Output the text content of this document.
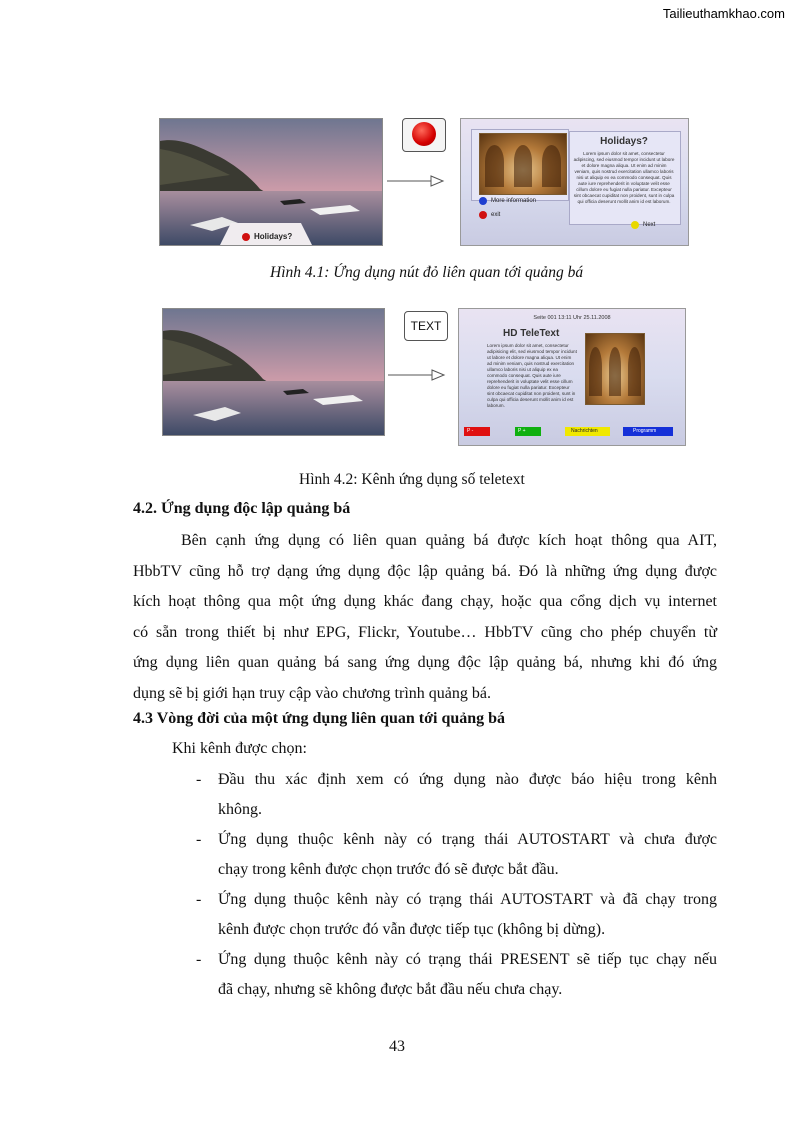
Tailieuthamkhao.com
Holidays?
Holidays?
Lorem ipsum dolor sit amet, consectetur adipiscing, sed eiusmod tempor incidunt ut labore et dolore magna aliqua. Ut enim ad minim veniam, quis nostrud exercitation ullamco laboris nisi ut aliquip ex ea commodo consequat. Quis aute iure reprehenderit in voluptate velit esse cillum dolore eu fugiat nulla pariatur. Excepteur sint obcaecat cupiditat non proident, sunt in culpa qui officia deserunt mollit anim id est laborum.
More information
exit
Next
Hình 4.1: Ứng dụng nút đỏ liên quan tới quảng bá
TEXT
Seite 001 13:11 Uhr 25.11.2008
HD TeleText
Lorem ipsum dolor sit amet, consectetur adipisicing elit, sed eiusmod tempor incidunt ut labore et dolore magna aliqua. Ut enim ad minim veniam, quis nostrud exercitation ullamco laboris nisi ut aliquip ex ea commodo consequat. Quis aute iure reprehenderit in voluptate velit esse cillum dolore eu fugiat nulla pariatur. Excepteur sint obcaecat cupiditat non proident, sunt in culpa qui officia deserunt mollit anim id est laborum.
P -	P +	Nachrichten	Programm
Hình 4.2: Kênh ứng dụng số teletext
4.2. Ứng dụng độc lập quảng bá
Bên cạnh ứng dụng có liên quan quảng bá được kích hoạt thông qua AIT,
HbbTV cũng hỗ trợ dạng ứng dụng độc lập quảng bá. Đó là những ứng dụng được
kích hoạt thông qua một ứng dụng khác đang chạy, hoặc qua cổng dịch vụ internet
có sẵn trong thiết bị như EPG, Flickr, Youtube… HbbTV cũng cho phép chuyển từ
ứng dụng liên quan quảng bá sang ứng dụng độc lập quảng bá, nhưng khi đó ứng
dụng sẽ bị giới hạn truy cập vào chương trình quảng bá.
4.3 Vòng đời của một ứng dụng liên quan tới quảng bá
Khi kênh được chọn:
- Đầu thu xác định xem có ứng dụng nào được báo hiệu trong kênh
không.
- Ứng dụng thuộc kênh này có trạng thái AUTOSTART và chưa được
chạy trong kênh được chọn trước đó sẽ được bắt đầu.
- Ứng dụng thuộc kênh này có trạng thái AUTOSTART và đã chạy trong
kênh được chọn trước đó vẫn được tiếp tục (không bị dừng).
- Ứng dụng thuộc kênh này có trạng thái PRESENT sẽ tiếp tục chạy nếu
đã chạy, nhưng sẽ không được bắt đầu nếu chưa chạy.
43
